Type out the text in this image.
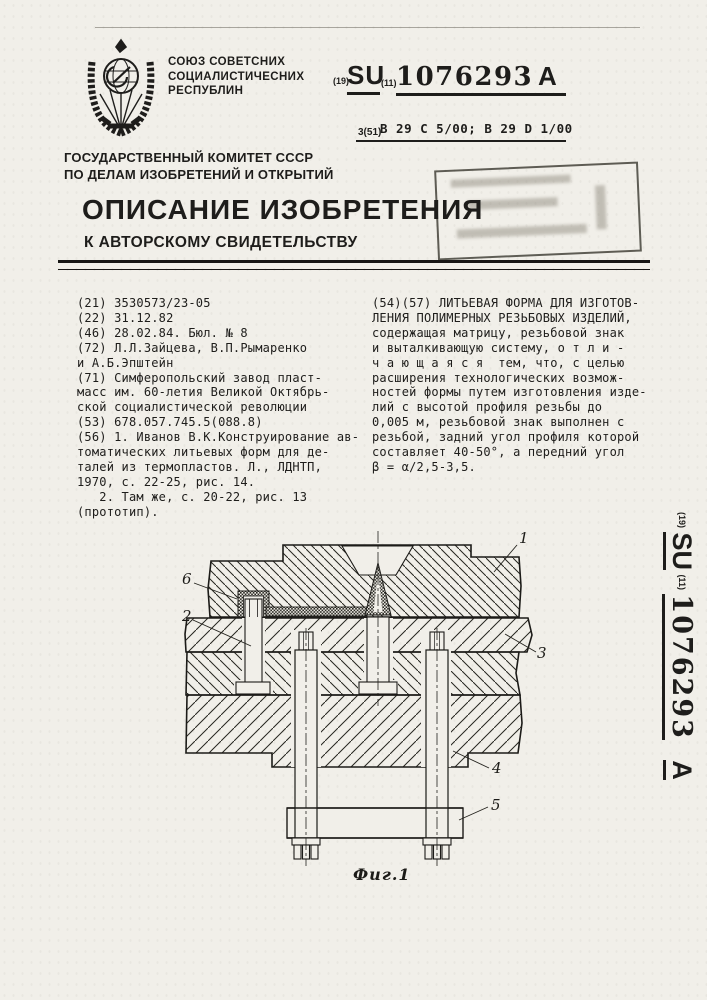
СОЮЗ СОВЕТСНИХ
СОЦИАЛИСТИЧЕСНИХ
РЕСПУБЛИН
(19)
SU
(11) 1076293 A
3(51)
B 29 C 5/00; B 29 D 1/00
ГОСУДАРСТВЕННЫЙ КОМИТЕТ СССР
ПО ДЕЛАМ ИЗОБРЕТЕНИЙ И ОТКРЫТИЙ
ОПИСАНИЕ ИЗОБРЕТЕНИЯ
К АВТОРСКОМУ СВИДЕТЕЛЬСТВУ
(21) 3530573/23-05
(22) 31.12.82
(46) 28.02.84. Бюл. № 8
(72) Л.Л.Зайцева, В.П.Рымаренко
и А.Б.Эпштейн
(71) Симферопольский завод пласт-
масс им. 60-летия Великой Октябрь-
ской социалистической революции
(53) 678.057.745.5(088.8)
(56) 1. Иванов В.К.Конструирование ав-
томатических литьевых форм для де-
талей из термопластов. Л., ЛДНТП,
1970, с. 22-25, рис. 14.
2. Там же, с. 20-22, рис. 13
(прототип).
(54)(57) ЛИТЬЕВАЯ ФОРМА ДЛЯ ИЗГОТОВ-
ЛЕНИЯ ПОЛИМЕРНЫХ РЕЗЬБОВЫХ ИЗДЕЛИЙ,
содержащая матрицу, резьбовой знак
и выталкивающую систему, о т л и -
ч а ю щ а я с я  тем, что, с целью
расширения технологических возмож-
ностей формы путем изготовления изде-
лий с высотой профиля резьбы до
0,005 м, резьбовой знак выполнен с
резьбой, задний угол профиля которой
составляет 40-50°, а передний угол
β = α/2,5-3,5.
1
2
3
4
5
6
Фиг.1
$^{(19)}$ SU $^{(11)}$ 1076293 A
